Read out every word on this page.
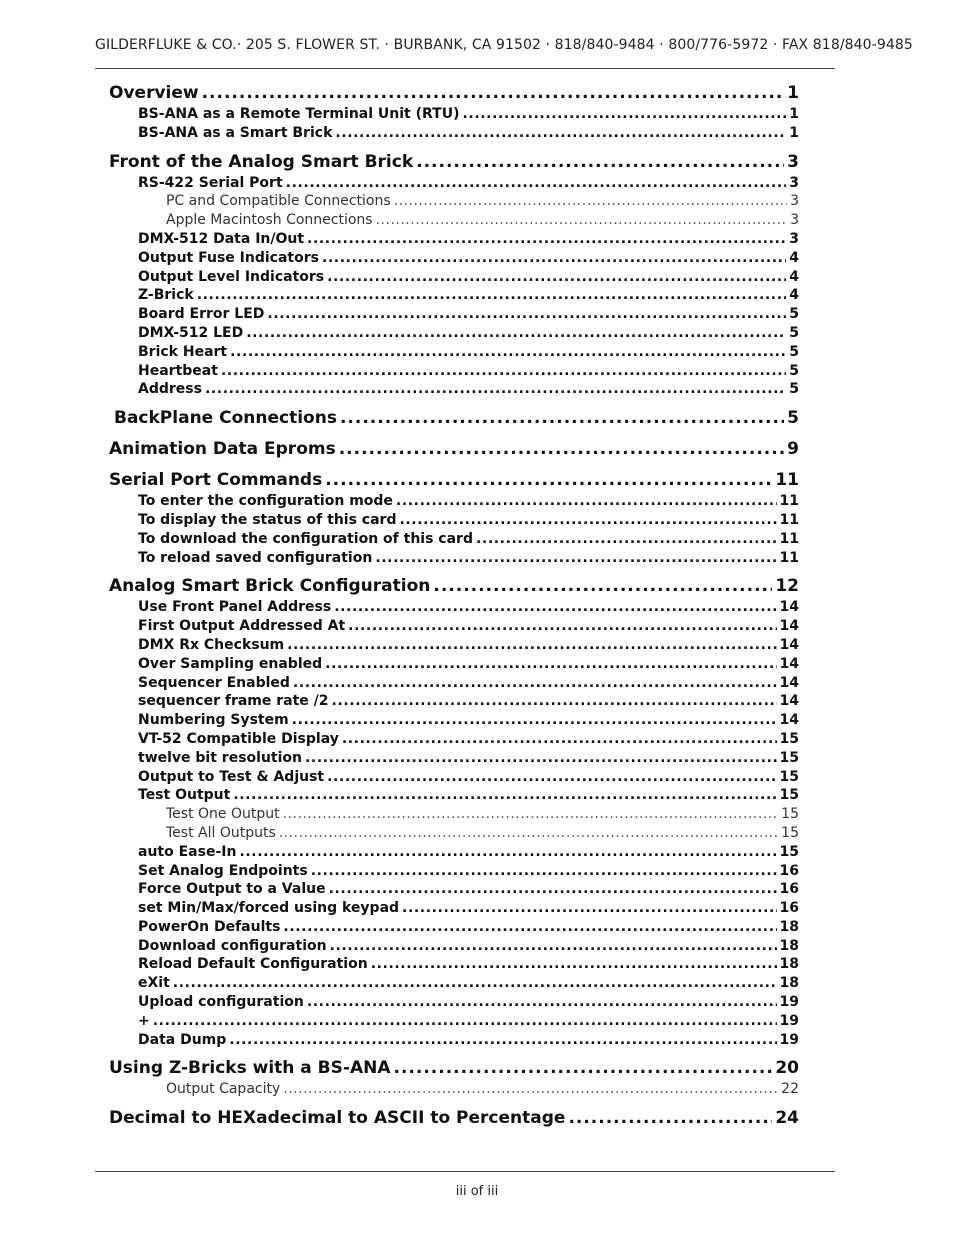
GILDERFLUKE & CO.· 205 S. FLOWER ST. · BURBANK, CA 91502 · 818/840-9484 · 800/776-5972 · FAX 818/840-9485
Overview .....	1
BS-ANA as a Remote Terminal Unit (RTU) .....	1
BS-ANA as a Smart Brick .....	1
Front of the Analog Smart Brick .....	3
RS-422 Serial Port .....	3
PC and Compatible Connections .....	3
Apple Macintosh Connections .....	3
DMX-512 Data In/Out .....	3
Output Fuse Indicators .....	4
Output Level Indicators .....	4
Z-Brick .....	4
Board Error LED .....	5
DMX-512 LED .....	5
Brick Heart .....	5
Heartbeat .....	5
Address .....	5
BackPlane Connections .....	5
Animation Data Eproms .....	9
Serial Port Commands .....	11
To enter the configuration mode .....	11
To display the status of this card .....	11
To download the configuration of this card .....	11
To reload saved configuration .....	11
Analog Smart Brick Configuration .....	12
Use Front Panel Address .....	14
First Output Addressed At .....	14
DMX Rx Checksum .....	14
Over Sampling enabled .....	14
Sequencer Enabled .....	14
sequencer frame rate /2 .....	14
Numbering System .....	14
VT-52 Compatible Display .....	15
twelve bit resolution .....	15
Output to Test & Adjust .....	15
Test Output .....	15
Test One Output .....	15
Test All Outputs .....	15
auto Ease-In .....	15
Set Analog Endpoints .....	16
Force Output to a Value .....	16
set Min/Max/forced using keypad .....	16
PowerOn Defaults .....	18
Download configuration .....	18
Reload Default Configuration .....	18
eXit .....	18
Upload configuration .....	19
+ .....	19
Data Dump .....	19
Using Z-Bricks with a BS-ANA .....	20
Output Capacity .....	22
Decimal to HEXadecimal to ASCII to Percentage .....	24
iii of iii
